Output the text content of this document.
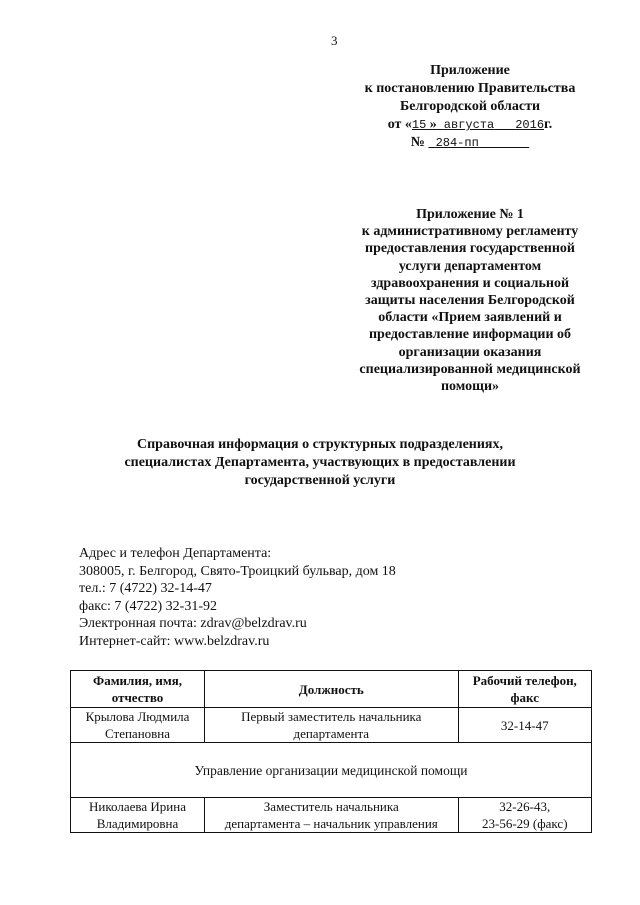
3
Приложение
к постановлению Правительства
Белгородской области
от «15 » августа 2016г.
№ 284-пп
Приложение № 1
к административному регламенту
предоставления государственной
услуги департаментом
здравоохранения и социальной
защиты населения Белгородской
области «Прием заявлений и
предоставление информации об
организации оказания
специализированной медицинской
помощи»
Справочная информация о структурных подразделениях,
специалистах Департамента, участвующих в предоставлении
государственной услуги
Адрес и телефон Департамента:
308005, г. Белгород, Свято-Троицкий бульвар, дом 18
тел.: 7 (4722) 32-14-47
факс: 7 (4722) 32-31-92
Электронная почта: zdrav@belzdrav.ru
Интернет-сайт: www.belzdrav.ru
Фамилия, имя,
отчество	Должность	Рабочий телефон,
факс

Крылова Людмила
Степановна	Первый заместитель начальника
департамента	32-14-47

Управление организации медицинской помощи		

Николаева Ирина
Владимировна	Заместитель начальника
департамента – начальник управления	32-26-43,
23-56-29 (факс)
